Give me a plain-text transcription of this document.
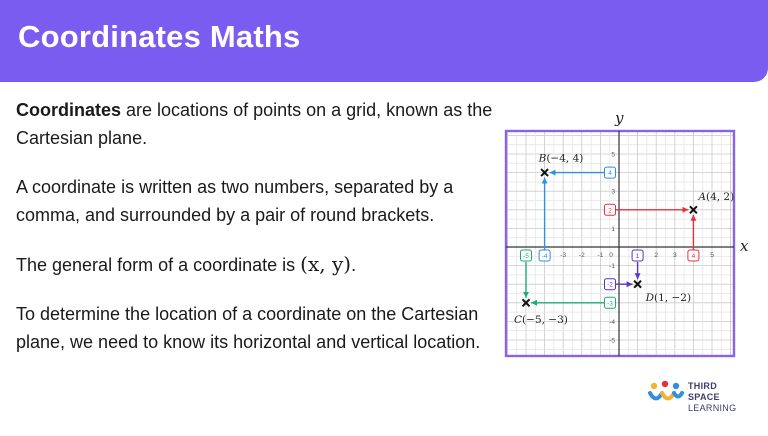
Coordinates Maths

Coordinates are locations of points on a grid, known as the Cartesian plane.

A coordinate is written as two numbers, separated by a comma, and surrounded by a pair of round brackets.

The general form of a coordinate is (x, y).

To determine the location of a coordinate on the Cartesian plane, we need to know its horizontal and vertical location.

x
y
-3 -2 -1 0	2 3	5
5
3
1
-1
-4
-5
4
2
A(4, 2)
-4
4
B(−4, 4)
-5
-3
C(−5, −3)
1
-2
D(1, −2)
THIRD SPACE
LEARNING
